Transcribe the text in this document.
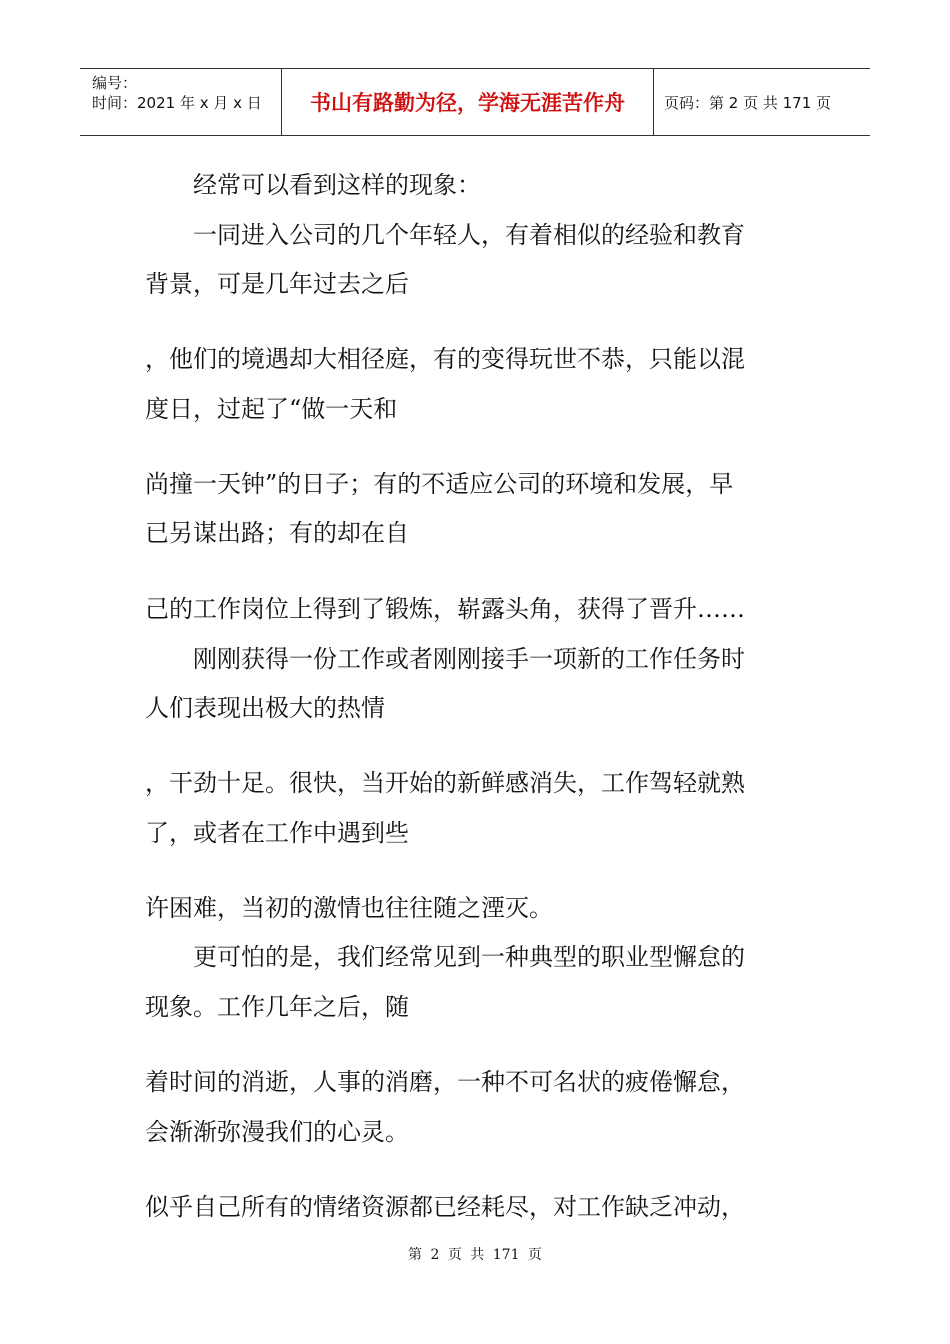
编号：
时间：2021 年 x 月 x 日	书山有路勤为径，学海无涯苦作舟	页码：第 2 页 共 171 页
经常可以看到这样的现象：
一同进入公司的几个年轻人，有着相似的经验和教育
背景，可是几年过去之后
，他们的境遇却大相径庭，有的变得玩世不恭，只能以混
度日，过起了“做一天和
尚撞一天钟”的日子；有的不适应公司的环境和发展，早
已另谋出路；有的却在自
己的工作岗位上得到了锻炼，崭露头角，获得了晋升……
刚刚获得一份工作或者刚刚接手一项新的工作任务时
人们表现出极大的热情
，干劲十足。很快，当开始的新鲜感消失，工作驾轻就熟
了，或者在工作中遇到些
许困难，当初的激情也往往随之湮灭。
更可怕的是，我们经常见到一种典型的职业型懈怠的
现象。工作几年之后，随
着时间的消逝，人事的消磨，一种不可名状的疲倦懈怠，
会渐渐弥漫我们的心灵。
似乎自己所有的情绪资源都已经耗尽，对工作缺乏冲动，
第 2 页 共 171 页
